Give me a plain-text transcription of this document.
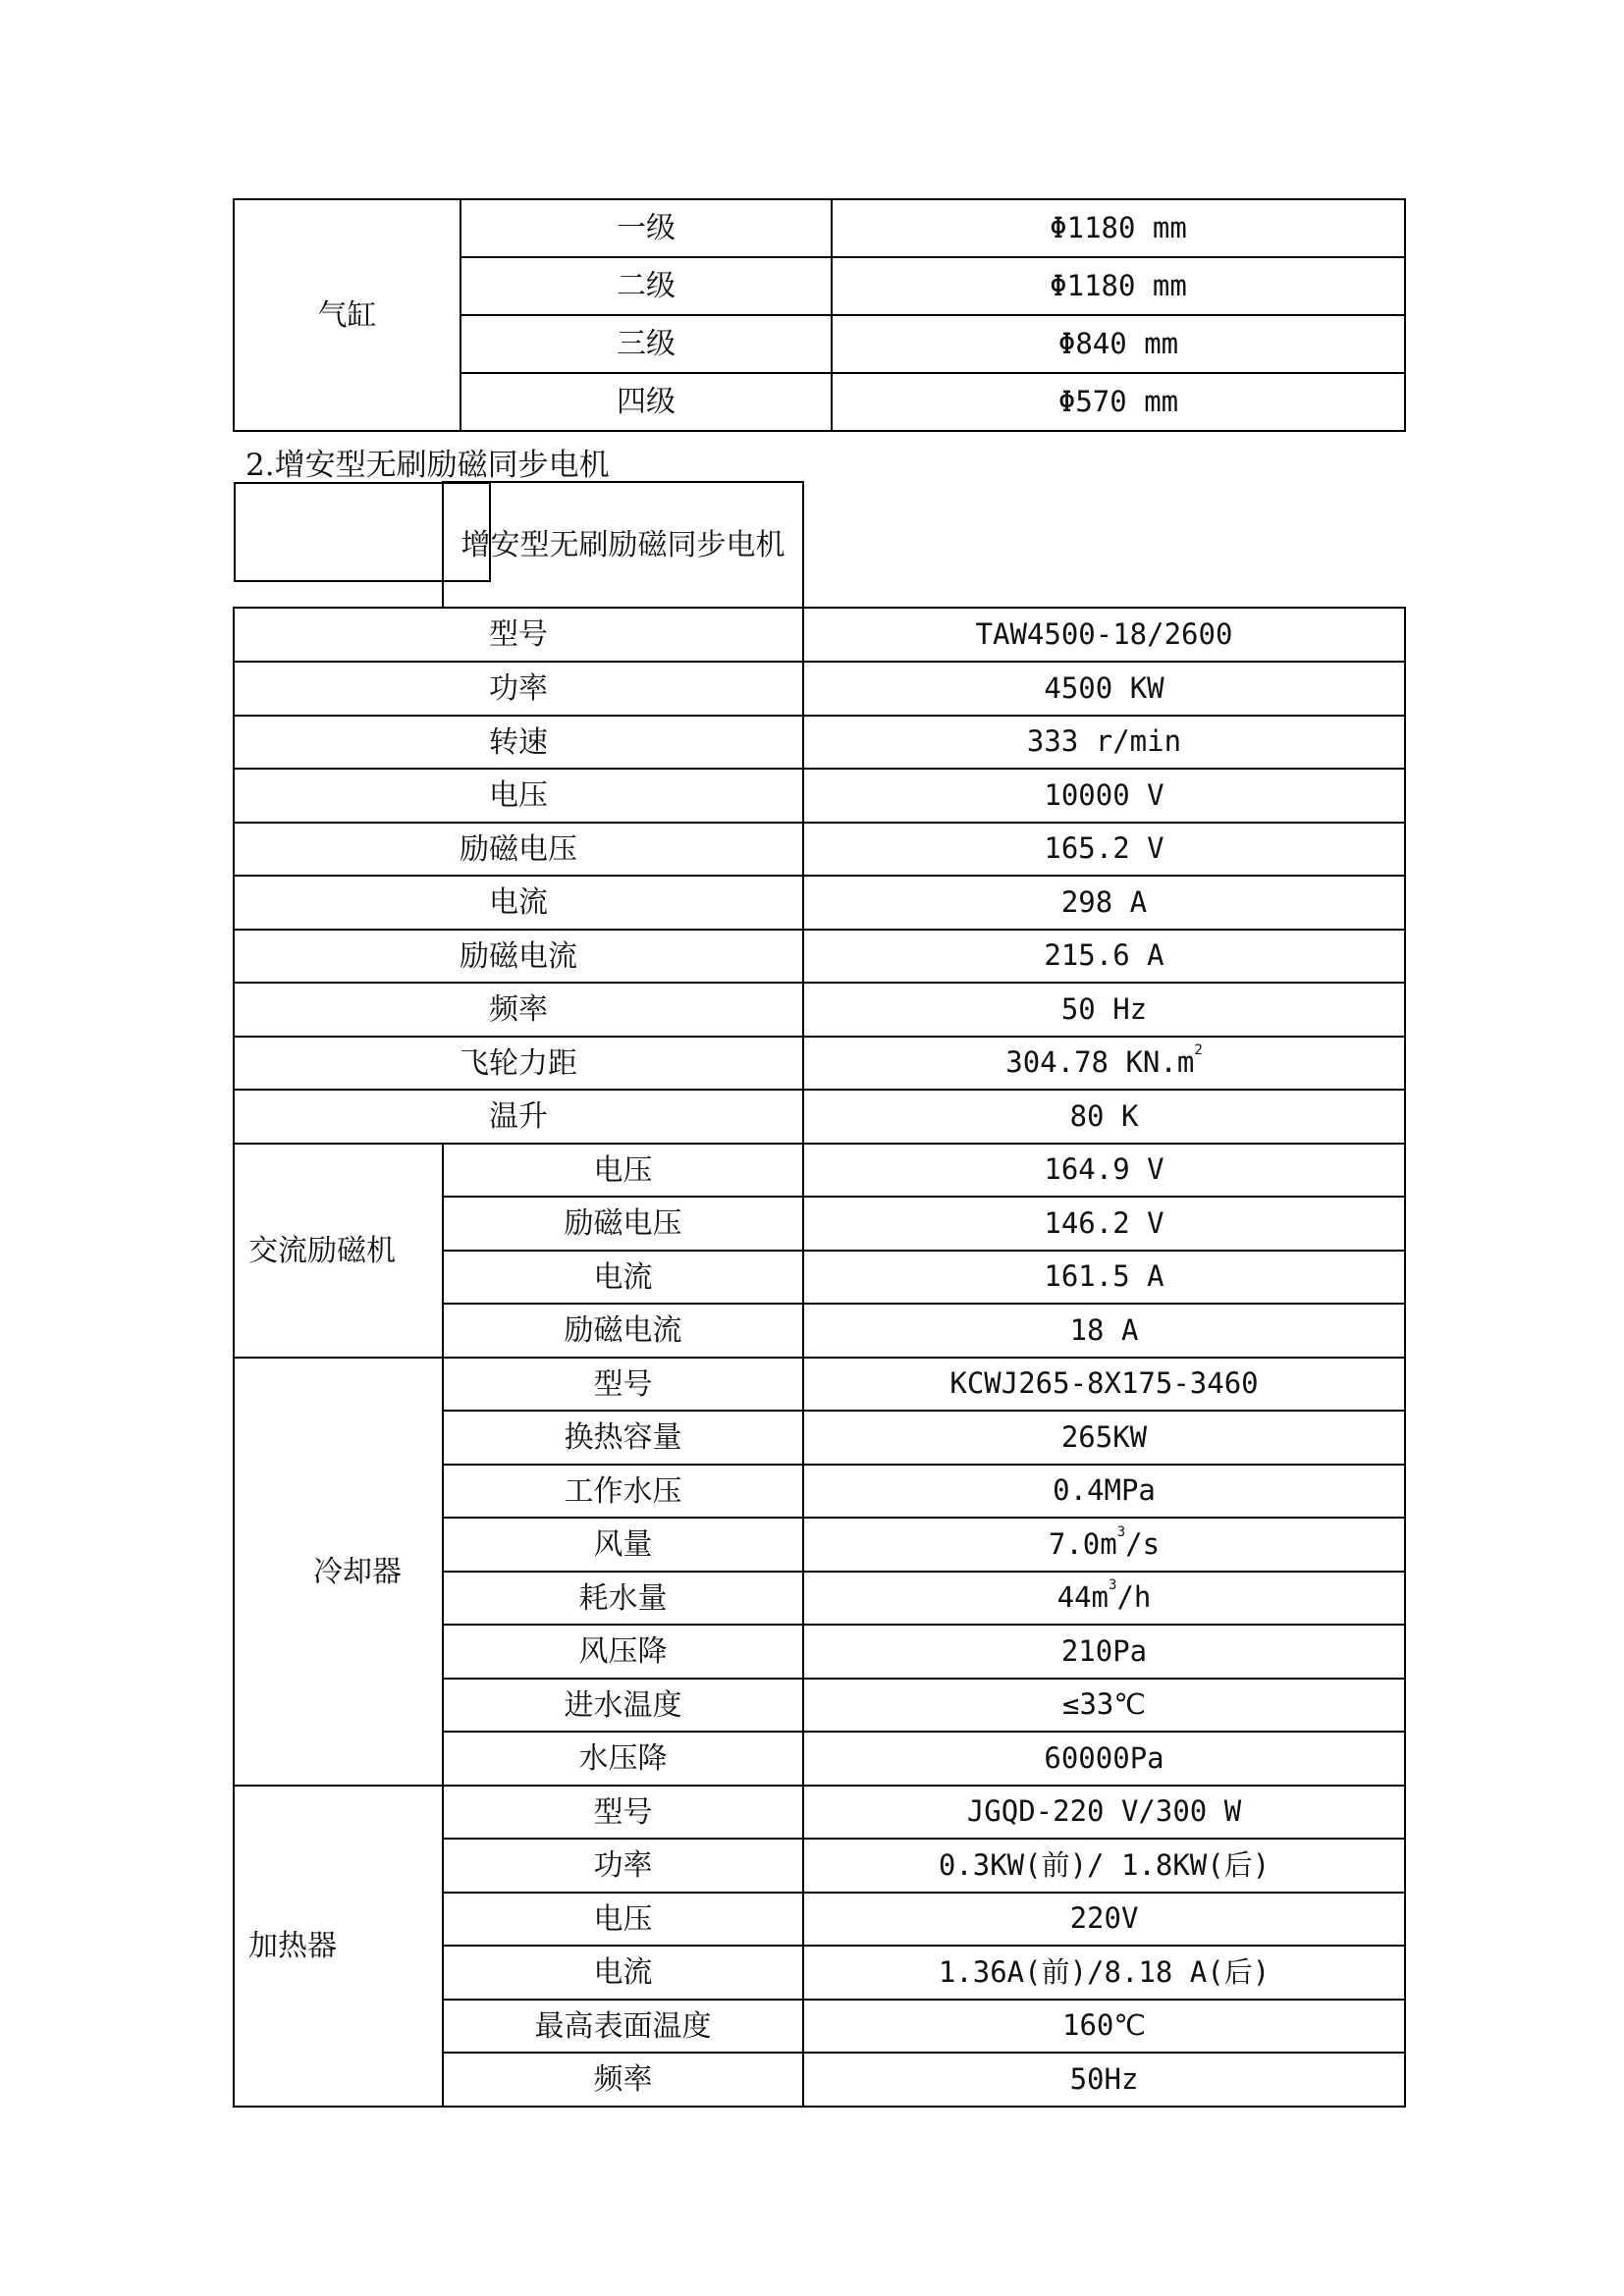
气缸	一级	Φ1180 mm
	二级	Φ1180 mm
	三级	Φ840 mm
	四级	Φ570 mm
2.增安型无刷励磁同步电机
增安型无刷励磁同步电机	
型号		TAW4500-18/2600
功率		4500 KW
转速		333 r/min
电压		10000 V
励磁电压		165.2 V
电流		298 A
励磁电流		215.6 A
频率		50 Hz
飞轮力距		304.78 $KN.m^2$
温升		80 K
交流励磁机	电压	164.9 V
	励磁电压	146.2 V
	电流	161.5 A
	励磁电流	18 A
冷却器	型号	KCWJ265-8X175-3460
	换热容量	265KW
	工作水压	0.4MPa
	风量	$7.0m^3/s$
	耗水量	$44m^3/h$
	风压降	210Pa
	进水温度	≤33℃
	水压降	60000Pa
加热器	型号	JGQD-220 V/300 W
	功率	0.3KW(前)/ 1.8KW(后)
	电压	220V
	电流	1.36A(前)/8.18 A(后)
	最高表面温度	160℃
	频率	50Hz
